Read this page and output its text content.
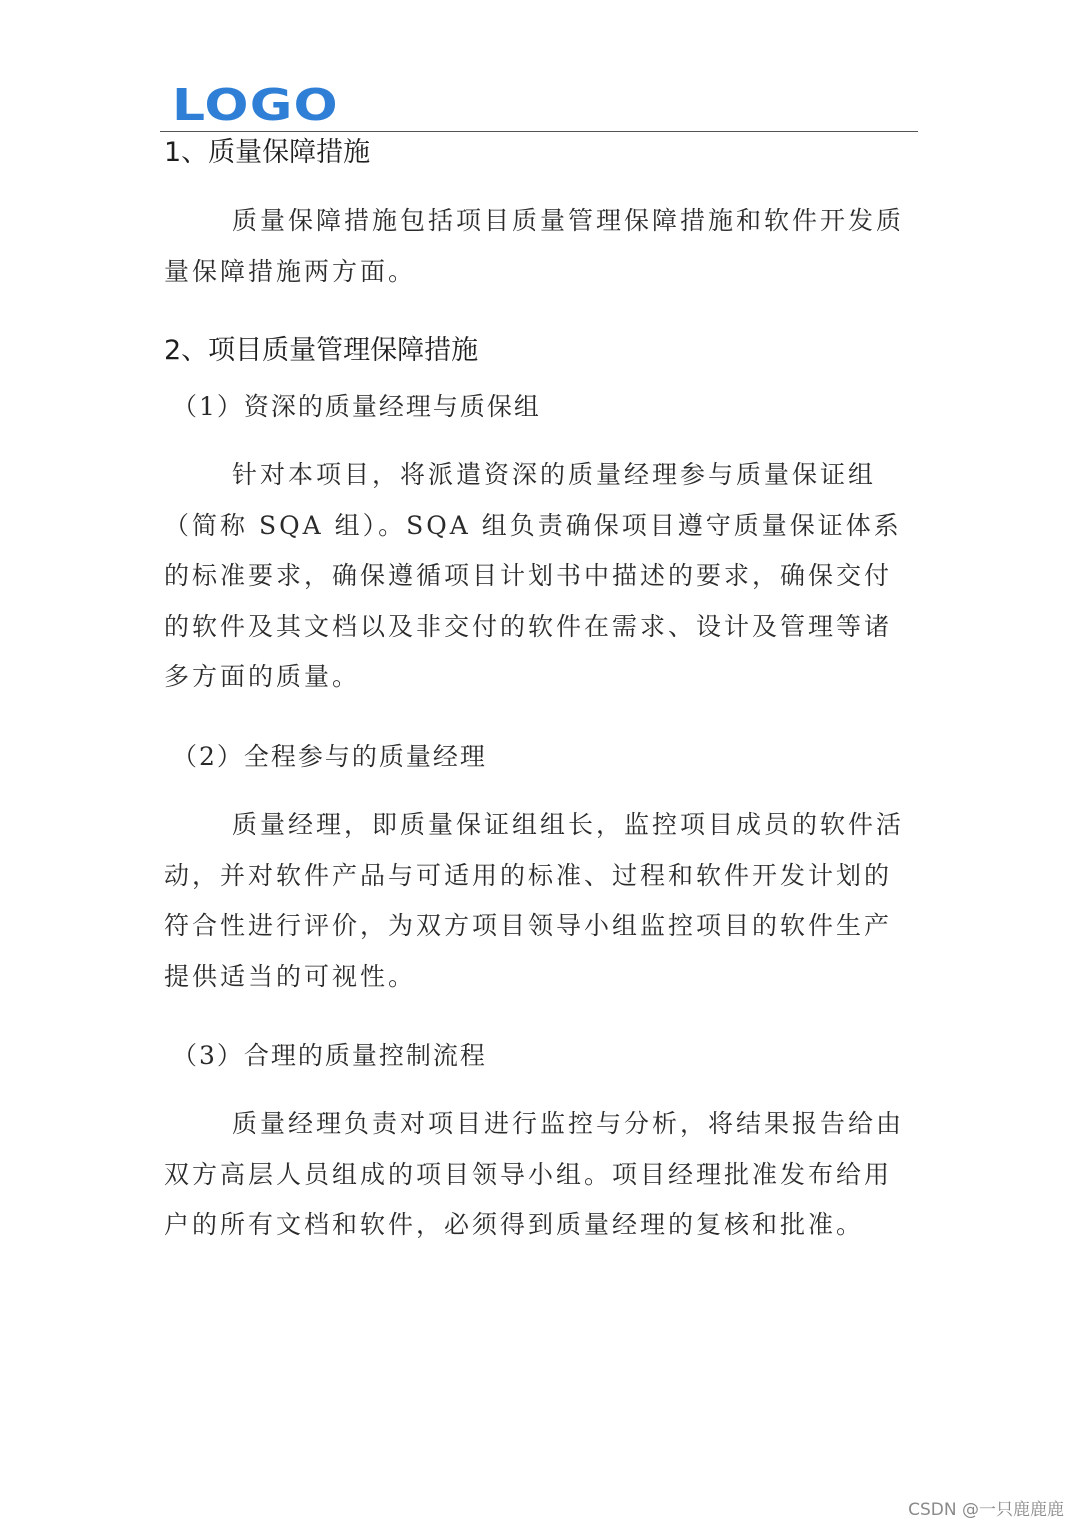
LOGO
1、质量保障措施

质量保障措施包括项目质量管理保障措施和软件开发质量保障措施两方面。

2、项目质量管理保障措施
（1）资深的质量经理与质保组

针对本项目，将派遣资深的质量经理参与质量保证组（简称 SQA 组）。SQA 组负责确保项目遵守质量保证体系的标准要求，确保遵循项目计划书中描述的要求，确保交付的软件及其文档以及非交付的软件在需求、设计及管理等诸多方面的质量。

（2）全程参与的质量经理

质量经理，即质量保证组组长，监控项目成员的软件活动，并对软件产品与可适用的标准、过程和软件开发计划的符合性进行评价，为双方项目领导小组监控项目的软件生产提供适当的可视性。

（3）合理的质量控制流程

质量经理负责对项目进行监控与分析，将结果报告给由双方高层人员组成的项目领导小组。项目经理批准发布给用户的所有文档和软件，必须得到质量经理的复核和批准。

CSDN @一只鹿鹿鹿
